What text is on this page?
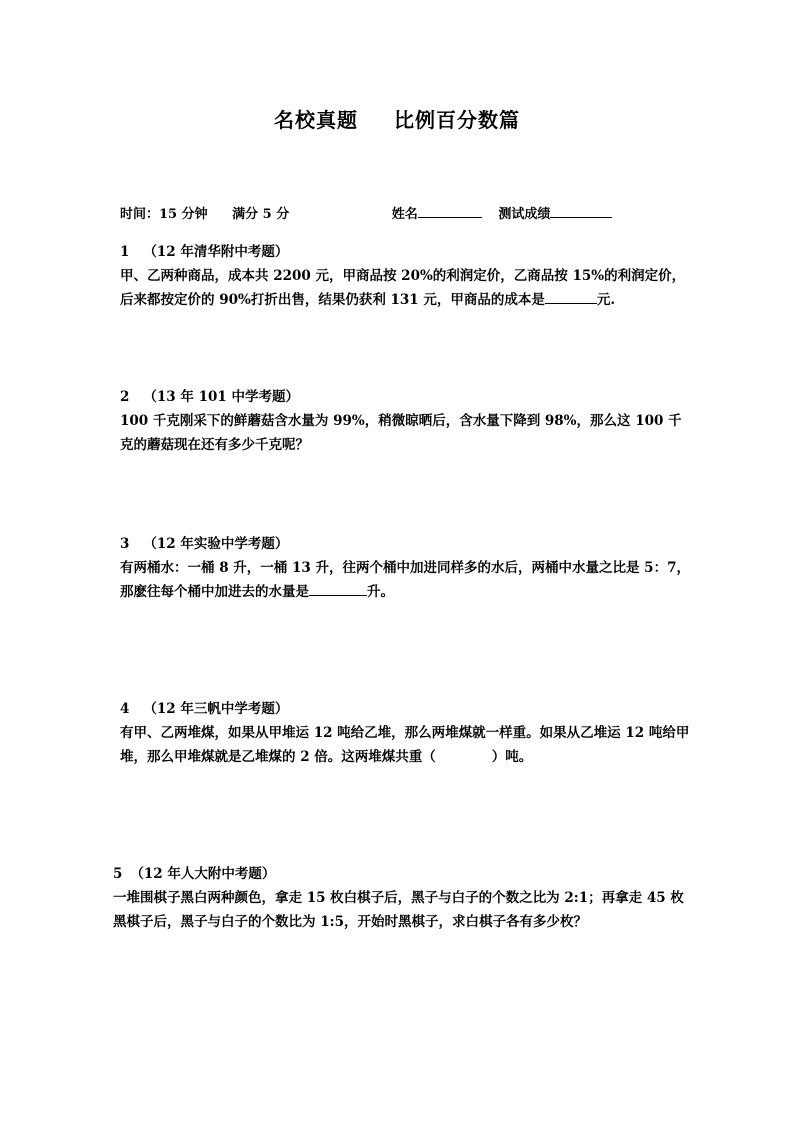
名校真题 比例百分数篇
时间：15 分钟 满分 5 分	姓名	测试成绩
1 （12 年清华附中考题）

甲、乙两种商品，成本共 2200 元，甲商品按 20%的利润定价，乙商品按 15%的利润定价，后来都按定价的 90%打折出售，结果仍获利 131 元，甲商品的成本是	元.

2 （13 年 101 中学考题）

100 千克刚采下的鲜蘑菇含水量为 99%，稍微晾晒后，含水量下降到 98%，那么这 100 千克的蘑菇现在还有多少千克呢？

3 （12 年实验中学考题）

有两桶水：一桶 8 升，一桶 13 升，往两个桶中加进同样多的水后，两桶中水量之比是 5：7，那麽往每个桶中加进去的水量是	升。

4 （12 年三帆中学考题）

有甲、乙两堆煤，如果从甲堆运 12 吨给乙堆，那么两堆煤就一样重。如果从乙堆运 12 吨给甲堆，那么甲堆煤就是乙堆煤的 2 倍。这两堆煤共重（	）吨。

5 （12 年人大附中考题）

一堆围棋子黑白两种颜色，拿走 15 枚白棋子后，黑子与白子的个数之比为 2:1；再拿走 45 枚黑棋子后，黑子与白子的个数比为 1:5，开始时黑棋子，求白棋子各有多少枚？
